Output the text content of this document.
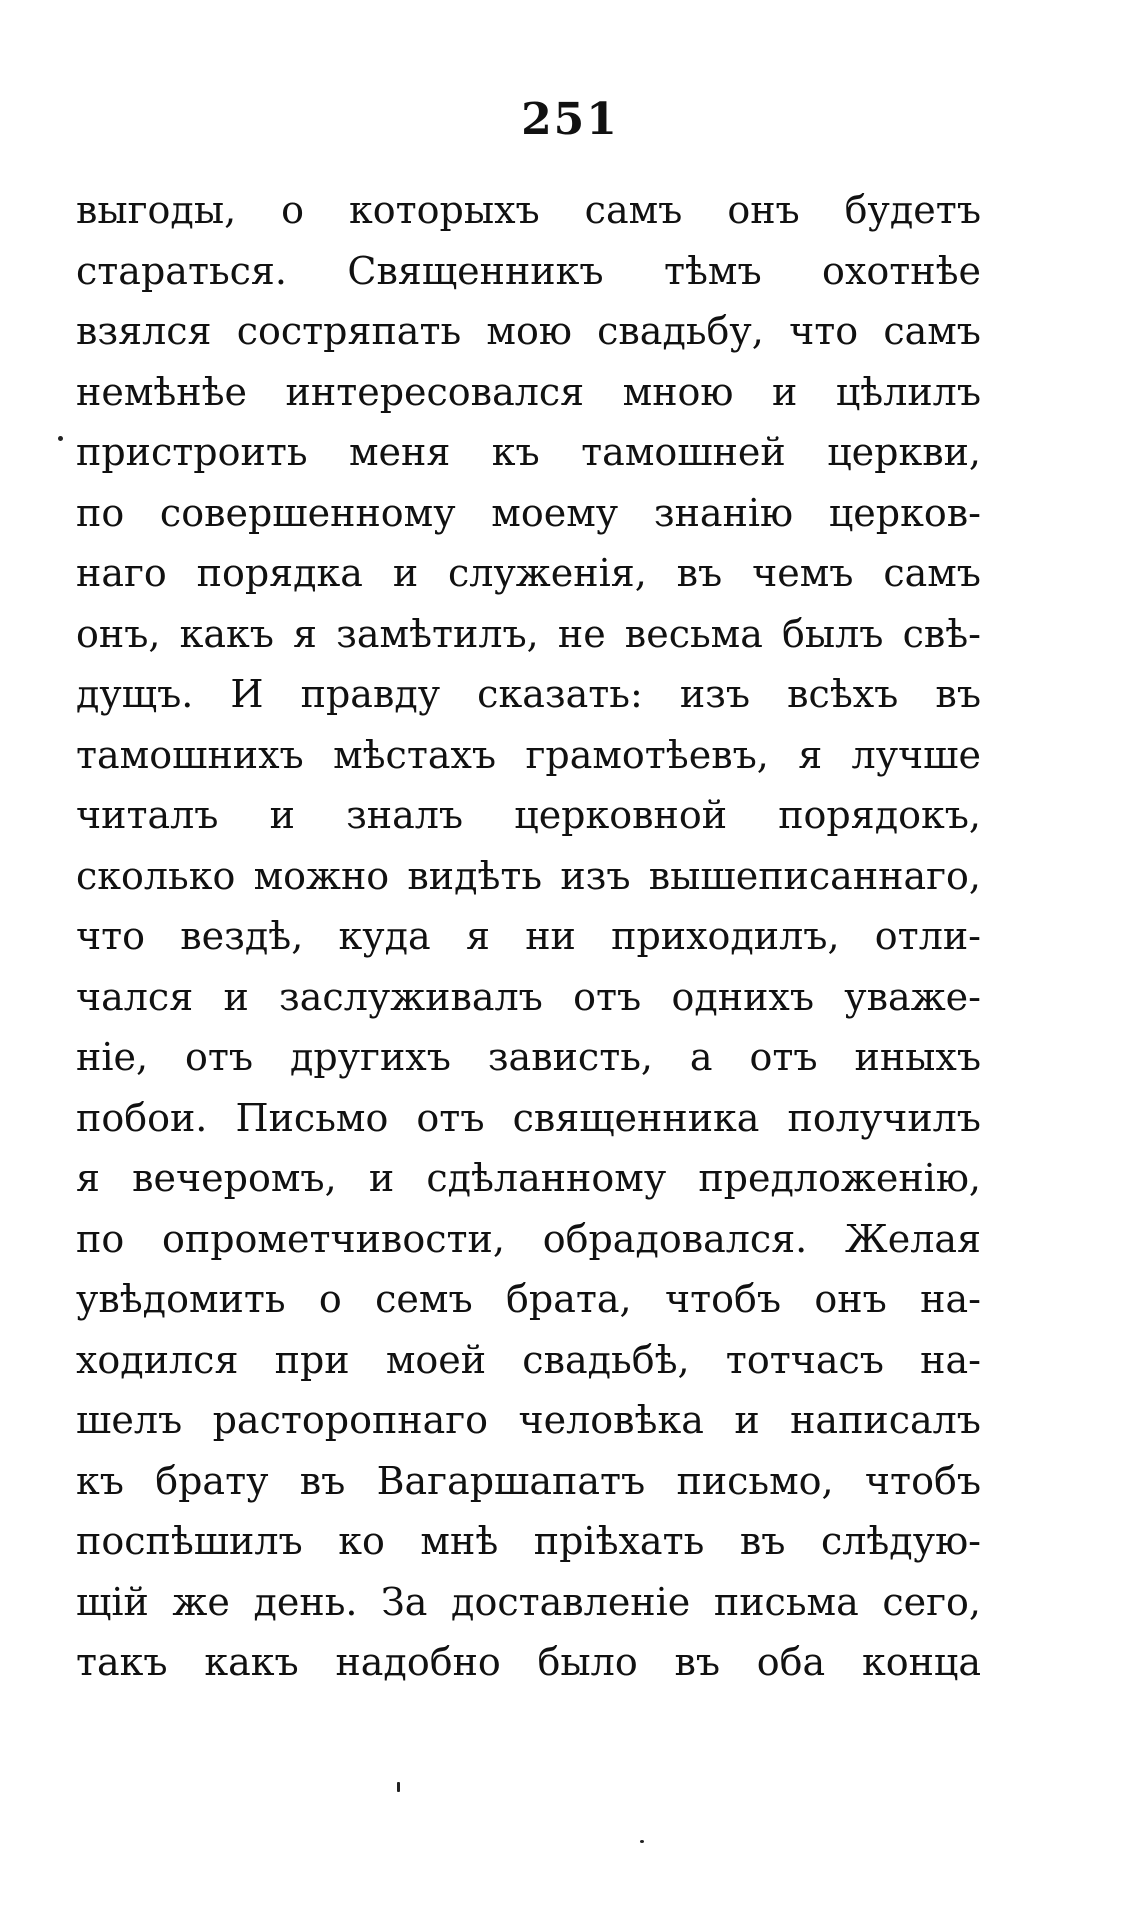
251
выгоды, о которыхъ самъ онъ будетъ
стараться. Священникъ тѣмъ охотнѣе
взялся состряпать мою свадьбу, что самъ
немѣнѣе интересовался мною и цѣлилъ
пристроить меня къ тамошней церкви,
по совершенному моему знанію церков-
наго порядка и служенія, въ чемъ самъ
онъ, какъ я замѣтилъ, не весьма былъ свѣ-
дущъ. И правду сказать: изъ всѣхъ въ
тамошнихъ мѣстахъ грамотѣевъ, я лучше
читалъ и зналъ церковной порядокъ,
сколько можно видѣть изъ вышеписаннаго,
что вездѣ, куда я ни приходилъ, отли-
чался и заслуживалъ отъ однихъ уваже-
ніе, отъ другихъ зависть, а отъ иныхъ
побои. Письмо отъ священника получилъ
я вечеромъ, и сдѣланному предложенію,
по опрометчивости, обрадовался. Желая
увѣдомить о семъ брата, чтобъ онъ на-
ходился при моей свадьбѣ, тотчасъ на-
шелъ расторопнаго человѣка и написалъ
къ брату въ Вагаршапатъ письмо, чтобъ
поспѣшилъ ко мнѣ пріѣхать въ слѣдую-
щій же день. За доставленіе письма сего,
такъ какъ надобно было въ оба конца
